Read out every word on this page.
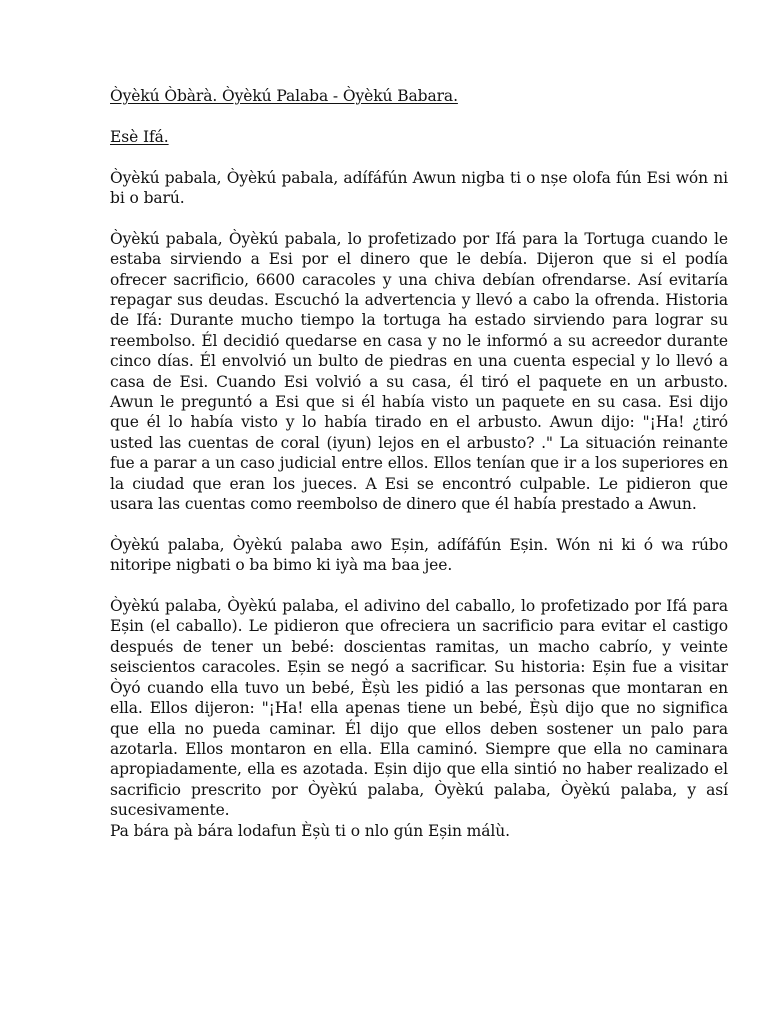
Òyèkú Òbàrà. Òyèkú Palaba - Òyèkú Babara.
Esè Ifá.

Òyèkú pabala, Òyèkú pabala, adífáfún Awun nigba ti o nșe olofa fún Esi wón ni bi o barú.

Òyèkú pabala, Òyèkú pabala, lo profetizado por Ifá para la Tortuga cuando le estaba sirviendo a Esi por el dinero que le debía. Dijeron que si el podía ofrecer sacrificio, 6600 caracoles y una chiva debían ofrendarse. Así evitaría repagar sus deudas. Escuchó la advertencia y llevó a cabo la ofrenda. Historia de Ifá: Durante mucho tiempo la tortuga ha estado sirviendo para lograr su reembolso. Él decidió quedarse en casa y no le informó a su acreedor durante cinco días. Él envolvió un bulto de piedras en una cuenta especial y lo llevó a casa de Esi. Cuando Esi volvió a su casa, él tiró el paquete en un arbusto. Awun le preguntó a Esi que si él había visto un paquete en su casa. Esi dijo que él lo había visto y lo había tirado en el arbusto. Awun dijo: "¡Ha! ¿tiró usted las cuentas de coral (iyun) lejos en el arbusto? ." La situación reinante fue a parar a un caso judicial entre ellos. Ellos tenían que ir a los superiores en la ciudad que eran los jueces. A Esi se encontró culpable. Le pidieron que usara las cuentas como reembolso de dinero que él había prestado a Awun.

Òyèkú palaba, Òyèkú palaba awo Eșin, adífáfún Eșin. Wón ni ki ó wa rúbo nitoripe nigbati o ba bimo ki iyà ma baa jee.

Òyèkú palaba, Òyèkú palaba, el adivino del caballo, lo profetizado por Ifá para Eșin (el caballo). Le pidieron que ofreciera un sacrificio para evitar el castigo después de tener un bebé: doscientas ramitas, un macho cabrío, y veinte seiscientos caracoles. Eșin se negó a sacrificar. Su historia: Eșin fue a visitar Òyó cuando ella tuvo un bebé, Èșù les pidió a las personas que montaran en ella. Ellos dijeron: "¡Ha! ella apenas tiene un bebé, Èșù dijo que no significa que ella no pueda caminar. Él dijo que ellos deben sostener un palo para azotarla. Ellos montaron en ella. Ella caminó. Siempre que ella no caminara apropiadamente, ella es azotada. Eșin dijo que ella sintió no haber realizado el sacrificio prescrito por Òyèkú palaba, Òyèkú palaba, Òyèkú palaba, y así sucesivamente.

Pa bára pà bára lodafun Èșù ti o nlo gún Eșin málù.
